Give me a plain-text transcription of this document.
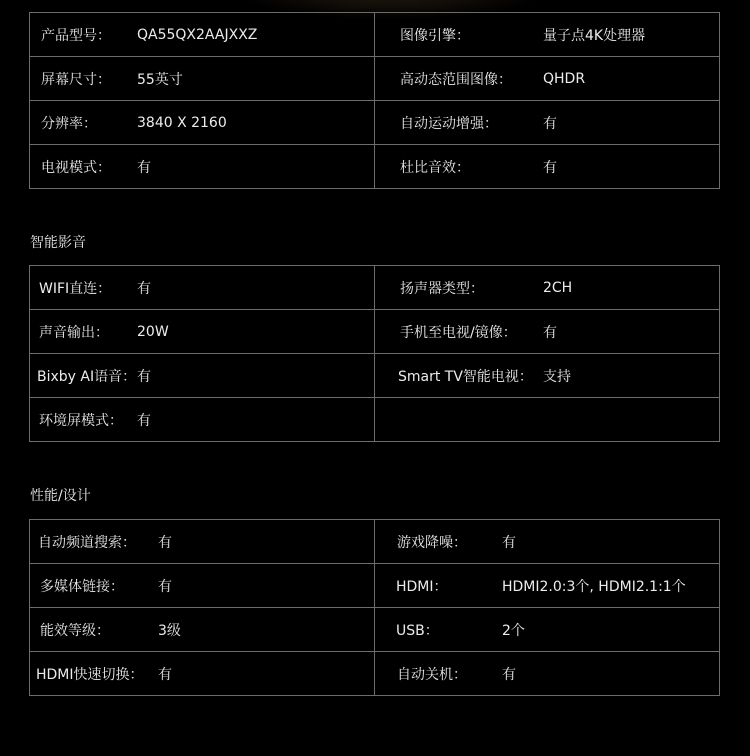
产品型号： QA55QX2AAJXXZ	图像引擎： 量子点4K处理器

屏幕尺寸： 55英寸	高动态范围图像： QHDR

分辨率： 3840 X 2160	自动运动增强： 有

电视模式： 有	杜比音效： 有
智能影音
WIFI直连： 有	扬声器类型： 2CH

声音输出： 20W	手机至电视/镜像： 有

Bixby AI语音： 有	Smart TV智能电视： 支持

环境屏模式： 有	

性能/设计
自动频道搜索： 有	游戏降噪： 有

多媒体链接： 有	HDMI： HDMI2.0:3个, HDMI2.1:1个

能效等级： 3级	USB： 2个

HDMI快速切换： 有	自动关机： 有
